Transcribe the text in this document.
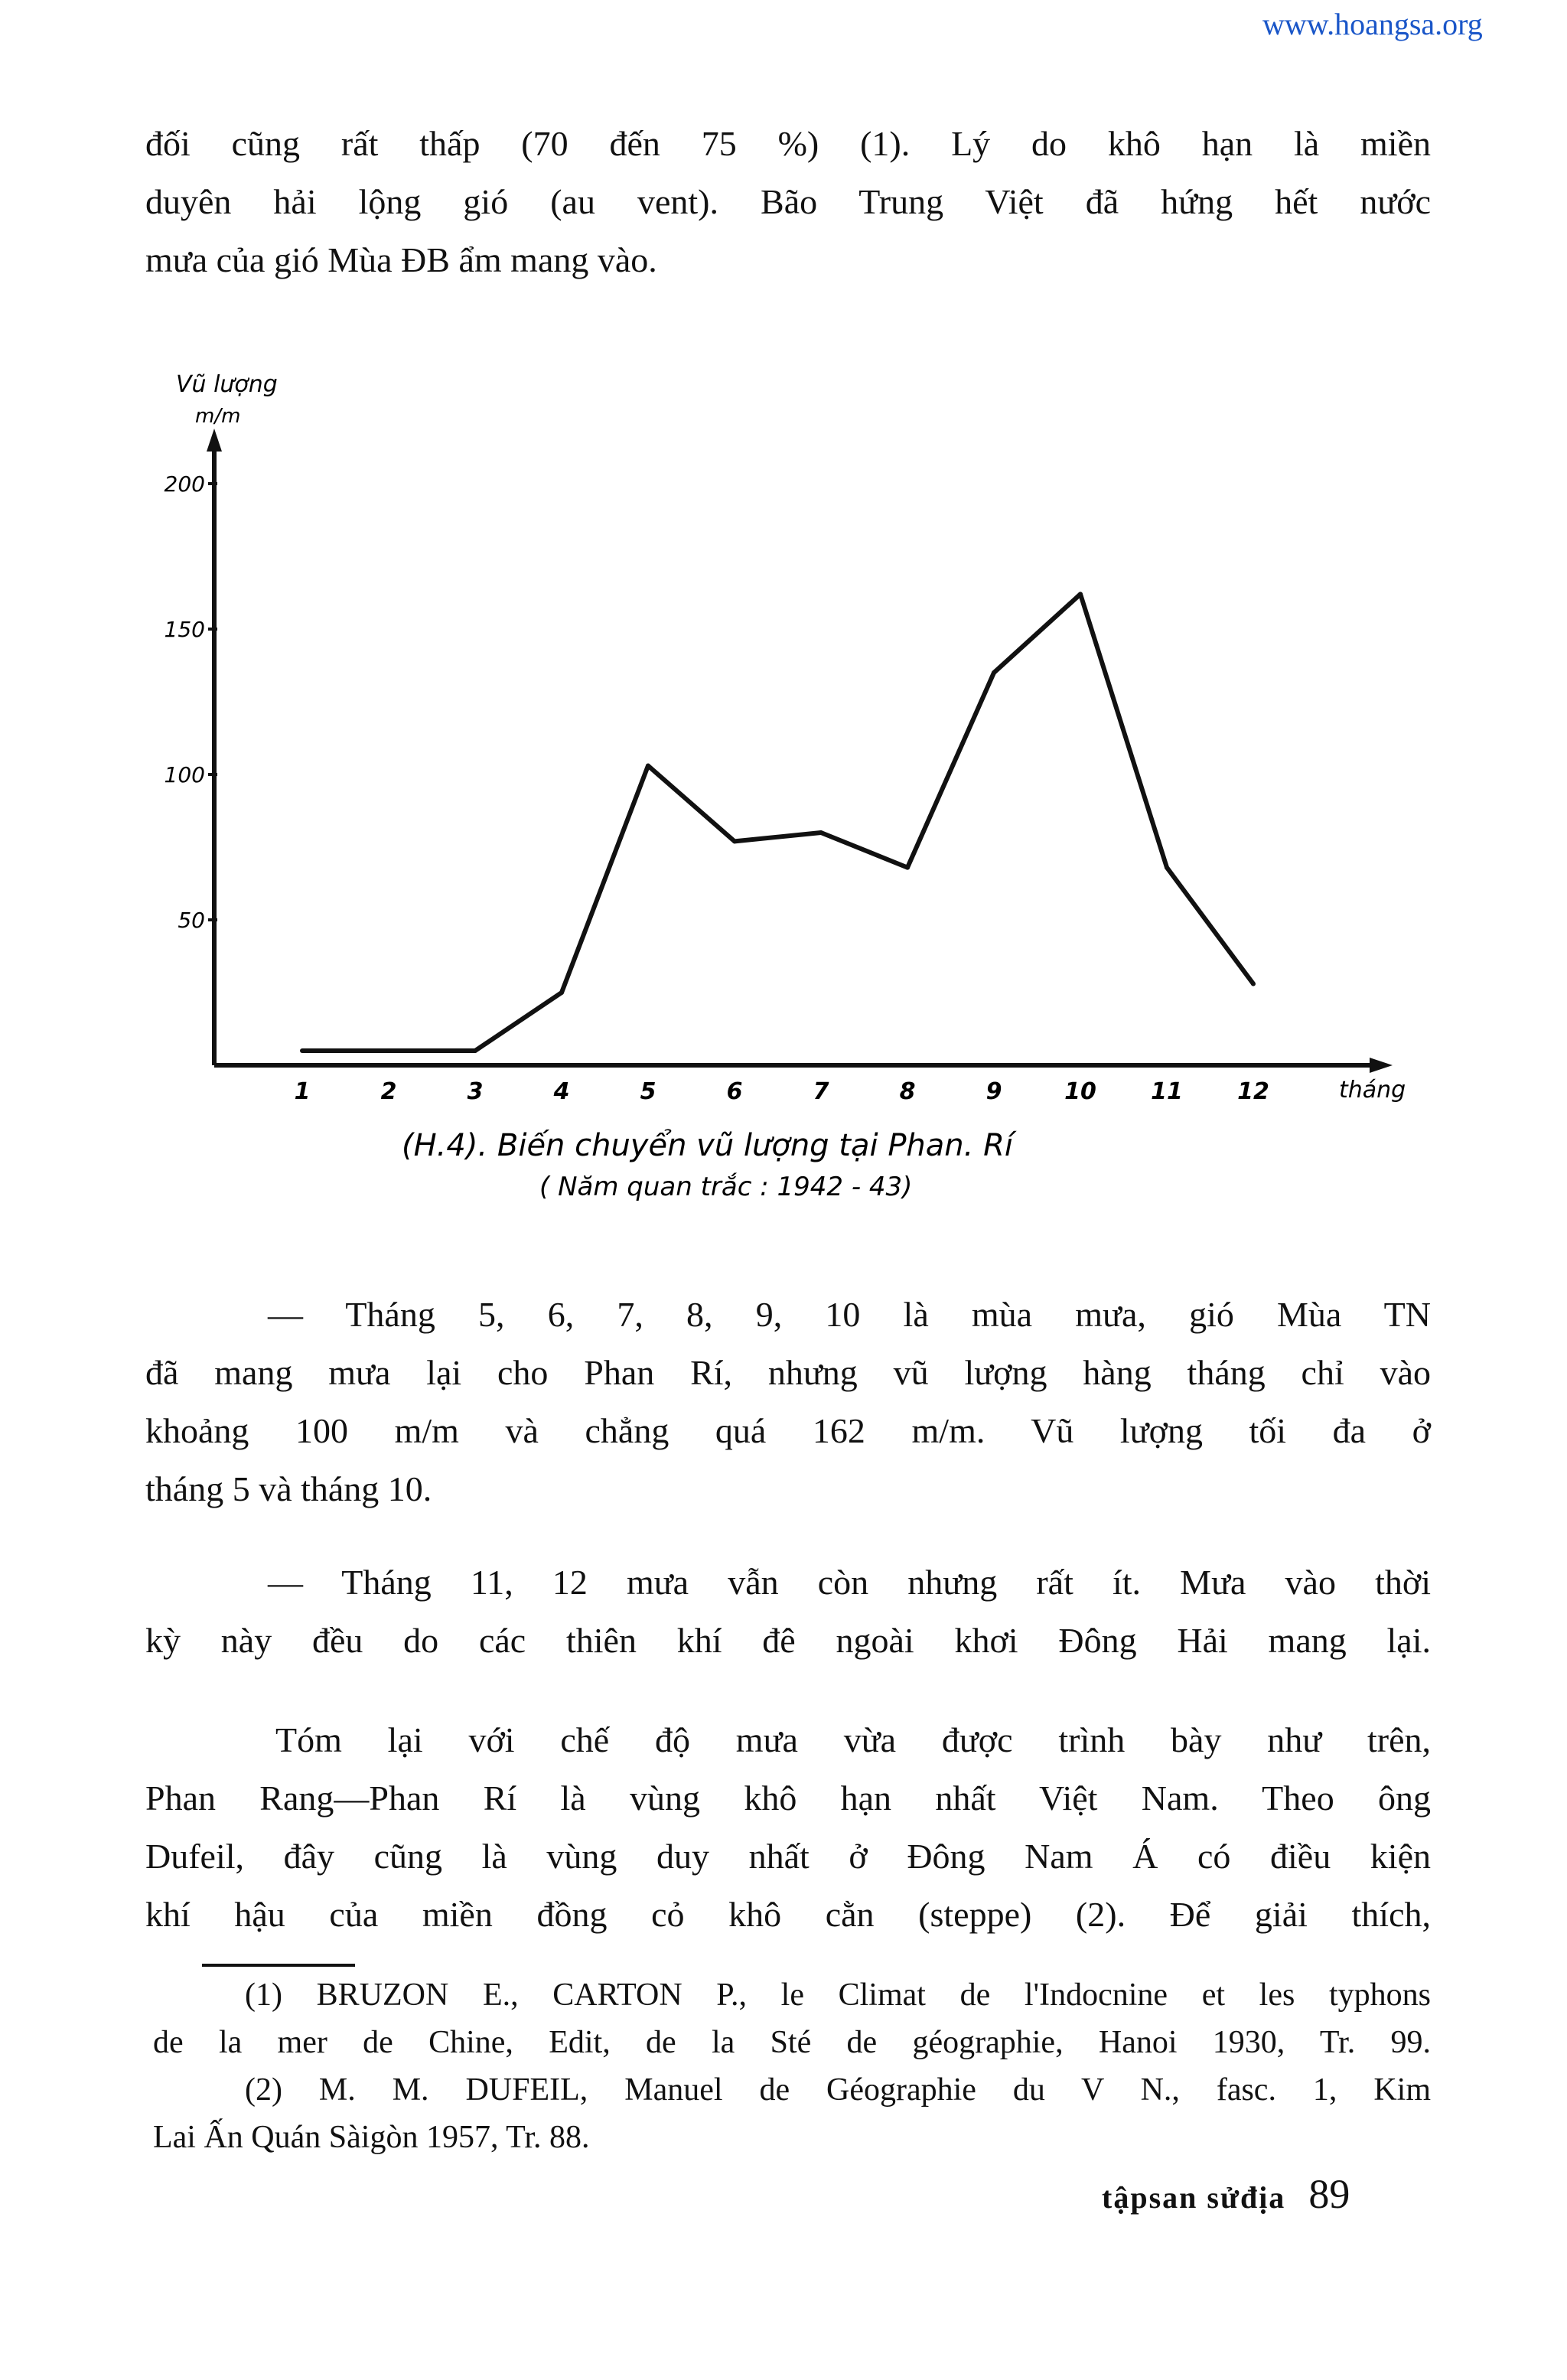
www.hoangsa.org
đối cũng rất thấp (70 đến 75 %) (1). Lý do khô hạn là miền
duyên hải lộng gió (au vent). Bão Trung Việt đã hứng hết nước
mưa của gió Mùa ĐB ẩm mang vào.
Vũ lượng
m/m
tháng
50
100
150
200
1	2	3	4	5	6	7	8	9	10 11 12
(H.4). Biến chuyển vũ lượng tại Phan. Rí
( Năm quan trắc : 1942 - 43)
— Tháng 5, 6, 7, 8, 9, 10 là mùa mưa, gió Mùa TN
đã mang mưa lại cho Phan Rí, nhưng vũ lượng hàng tháng chỉ vào
khoảng 100 m/m và chẳng quá 162 m/m. Vũ lượng tối đa ở
tháng 5 và tháng 10.
— Tháng 11, 12 mưa vẫn còn nhưng rất ít. Mưa vào thời
kỳ này đều do các thiên khí đê ngoài khơi Đông Hải mang lại.
Tóm lại với chế độ mưa vừa được trình bày như trên,
Phan Rang—Phan Rí là vùng khô hạn nhất Việt Nam. Theo ông
Dufeil, đây cũng là vùng duy nhất ở Đông Nam Á có điều kiện
khí hậu của miền đồng cỏ khô cằn (steppe) (2). Để giải thích,
(1) BRUZON E., CARTON P., le Climat de l'Indocnine et les typhons
de la mer de Chine, Edit, de la Sté de géographie, Hanoi 1930, Tr. 99.
(2) M. M. DUFEIL, Manuel de Géographie du V N., fasc. 1, Kim
Lai Ấn Quán Sàigòn 1957, Tr. 88.
tậpsan sửđịa 89
